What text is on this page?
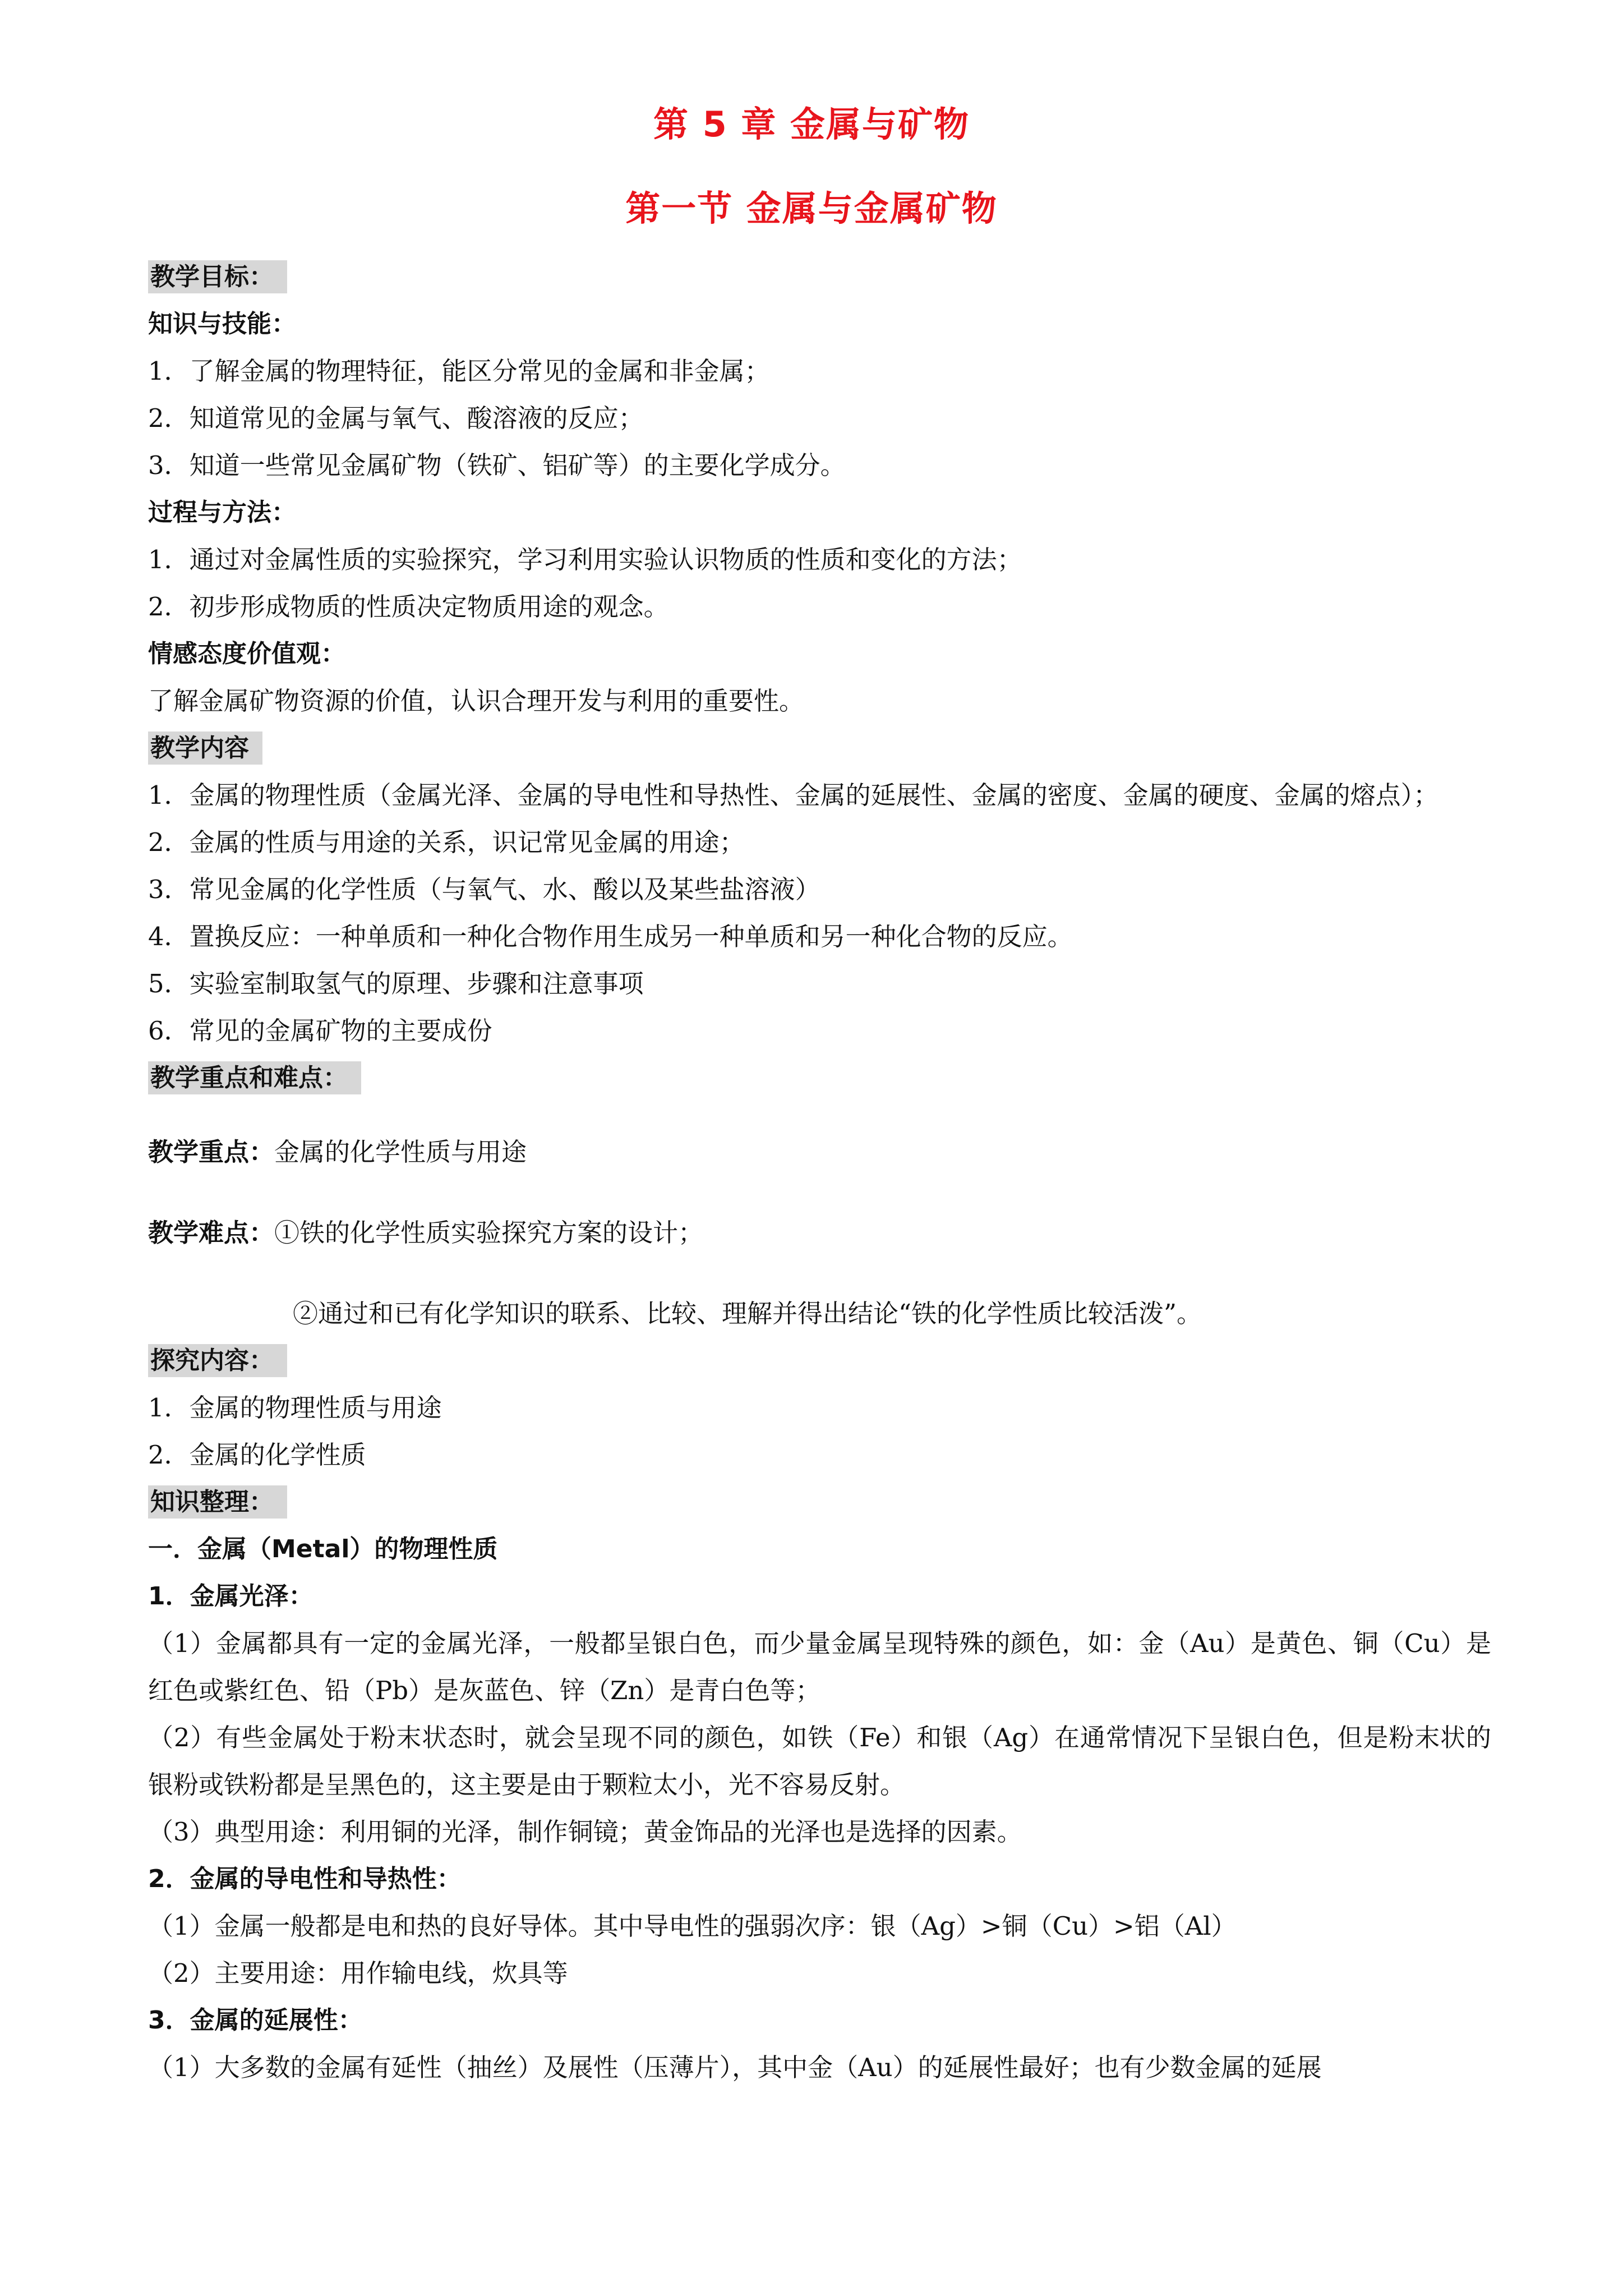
第 5 章 金属与矿物
第一节 金属与金属矿物
教学目标：
知识与技能：
1．了解金属的物理特征，能区分常见的金属和非金属；
2．知道常见的金属与氧气、酸溶液的反应；
3．知道一些常见金属矿物（铁矿、铝矿等）的主要化学成分。
过程与方法：
1．通过对金属性质的实验探究，学习利用实验认识物质的性质和变化的方法；
2．初步形成物质的性质决定物质用途的观念。
情感态度价值观：
了解金属矿物资源的价值，认识合理开发与利用的重要性。
教学内容
1．金属的物理性质（金属光泽、金属的导电性和导热性、金属的延展性、金属的密度、金属的硬度、金属的熔点）；
2．金属的性质与用途的关系，识记常见金属的用途；
3．常见金属的化学性质（与氧气、水、酸以及某些盐溶液）
4．置换反应：一种单质和一种化合物作用生成另一种单质和另一种化合物的反应。
5．实验室制取氢气的原理、步骤和注意事项
6．常见的金属矿物的主要成份
教学重点和难点：
教学重点：金属的化学性质与用途
教学难点：①铁的化学性质实验探究方案的设计；
②通过和已有化学知识的联系、比较、理解并得出结论“铁的化学性质比较活泼”。
探究内容：
1．金属的物理性质与用途
2．金属的化学性质
知识整理：
一．金属（Metal）的物理性质
1．金属光泽：
（1）金属都具有一定的金属光泽，一般都呈银白色，而少量金属呈现特殊的颜色，如：金（Au）是黄色、铜（Cu）是红色或紫红色、铅（Pb）是灰蓝色、锌（Zn）是青白色等；
（2）有些金属处于粉末状态时，就会呈现不同的颜色，如铁（Fe）和银（Ag）在通常情况下呈银白色，但是粉末状的银粉或铁粉都是呈黑色的，这主要是由于颗粒太小，光不容易反射。
（3）典型用途：利用铜的光泽，制作铜镜；黄金饰品的光泽也是选择的因素。
2．金属的导电性和导热性：
（1）金属一般都是电和热的良好导体。其中导电性的强弱次序：银（Ag）>铜（Cu）>铝（Al）
（2）主要用途：用作输电线，炊具等
3．金属的延展性：
（1）大多数的金属有延性（抽丝）及展性（压薄片），其中金（Au）的延展性最好；也有少数金属的延展
